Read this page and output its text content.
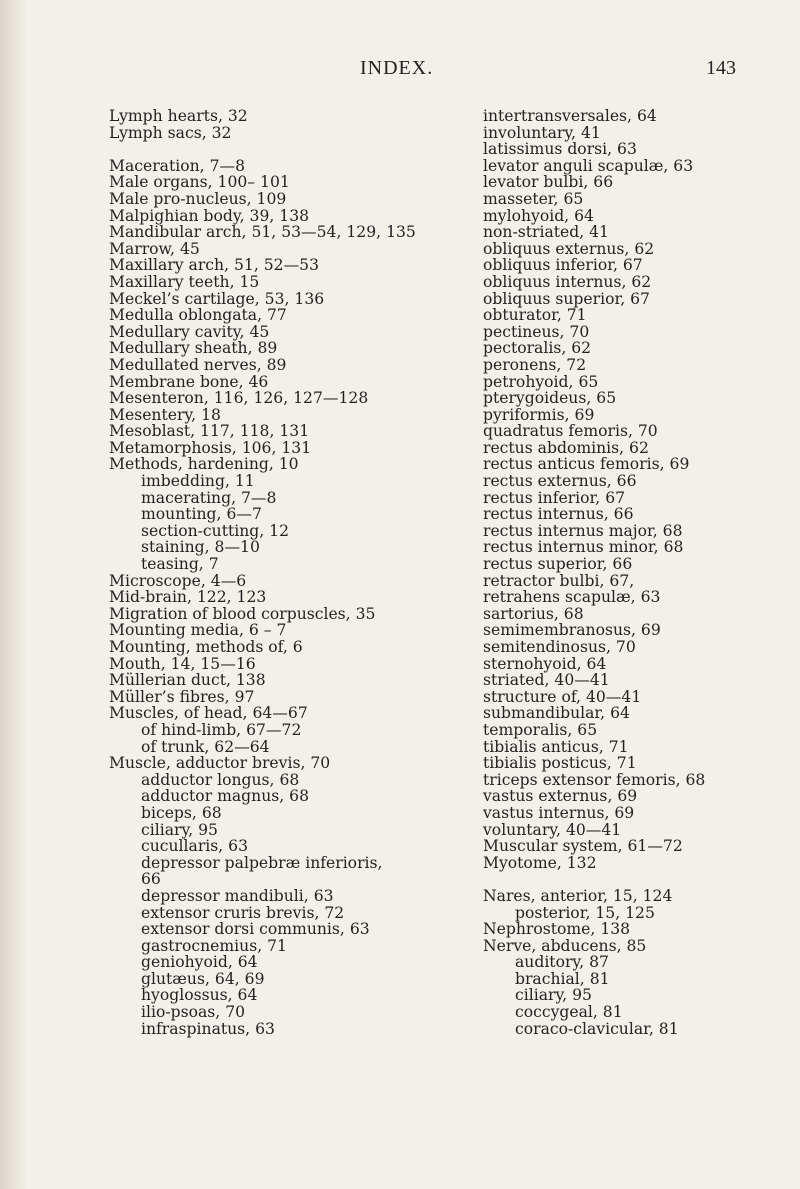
INDEX.	143
Lymph hearts, 32
Lymph sacs, 32
Maceration, 7—8
Male organs, 100– 101
Male pro-nucleus, 109
Malpighian body, 39, 138
Mandibular arch, 51, 53—54, 129, 135
Marrow, 45
Maxillary arch, 51, 52—53
Maxillary teeth, 15
Meckel’s cartilage, 53, 136
Medulla oblongata, 77
Medullary cavity, 45
Medullary sheath, 89
Medullated nerves, 89
Membrane bone, 46
Mesenteron, 116, 126, 127—128
Mesentery, 18
Mesoblast, 117, 118, 131
Metamorphosis, 106, 131
Methods, hardening, 10
imbedding, 11
macerating, 7—8
mounting, 6—7
section-cutting, 12
staining, 8—10
teasing, 7
Microscope, 4—6
Mid-brain, 122, 123
Migration of blood corpuscles, 35
Mounting media, 6 – 7
Mounting, methods of, 6
Mouth, 14, 15—16
Müllerian duct, 138
Müller’s fibres, 97
Muscles, of head, 64—67
of hind-limb, 67—72
of trunk, 62—64
Muscle, adductor brevis, 70
adductor longus, 68
adductor magnus, 68
biceps, 68
ciliary, 95
cucullaris, 63
depressor palpebræ inferioris,
66
depressor mandibuli, 63
extensor cruris brevis, 72
extensor dorsi communis, 63
gastrocnemius, 71
geniohyoid, 64
glutæus, 64, 69
hyoglossus, 64
ilio-psoas, 70
infraspinatus, 63
intertransversales, 64
involuntary, 41
latissimus dorsi, 63
levator anguli scapulæ, 63
levator bulbi, 66
masseter, 65
mylohyoid, 64
non-striated, 41
obliquus externus, 62
obliquus inferior, 67
obliquus internus, 62
obliquus superior, 67
obturator, 71
pectineus, 70
pectoralis, 62
peronens, 72
petrohyoid, 65
pterygoideus, 65
pyriformis, 69
quadratus femoris, 70
rectus abdominis, 62
rectus anticus femoris, 69
rectus externus, 66
rectus inferior, 67
rectus internus, 66
rectus internus major, 68
rectus internus minor, 68
rectus superior, 66
retractor bulbi, 67,
retrahens scapulæ, 63
sartorius, 68
semimembranosus, 69
semitendinosus, 70
sternohyoid, 64
striated, 40—41
structure of, 40—41
submandibular, 64
temporalis, 65
tibialis anticus, 71
tibialis posticus, 71
triceps extensor femoris, 68
vastus externus, 69
vastus internus, 69
voluntary, 40—41
Muscular system, 61—72
Myotome, 132
Nares, anterior, 15, 124
posterior, 15, 125
Nephrostome, 138
Nerve, abducens, 85
auditory, 87
brachial, 81
ciliary, 95
coccygeal, 81
coraco-clavicular, 81
